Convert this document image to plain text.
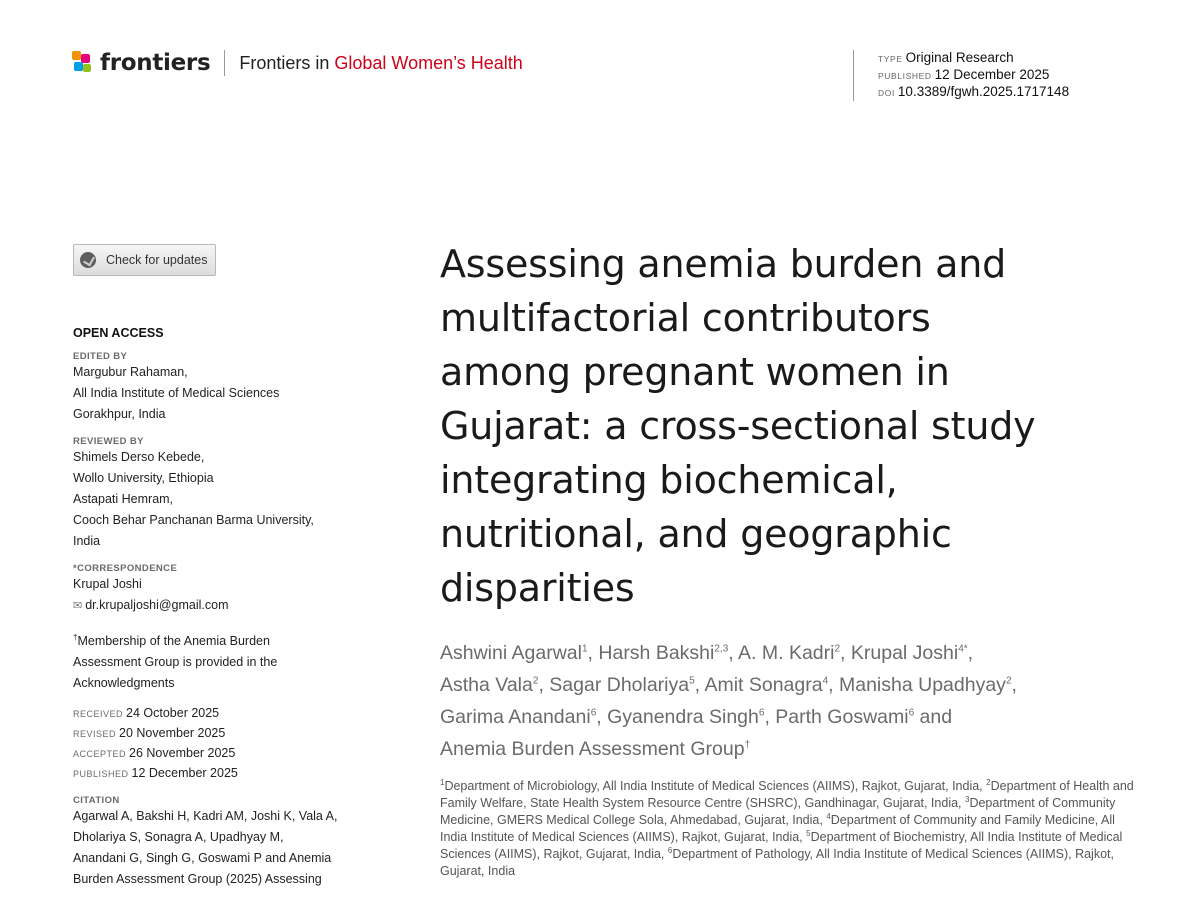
frontiers Frontiers in Global Women’s Health	TYPE Original Research
PUBLISHED 12 December 2025
DOI 10.3389/fgwh.2025.1717148
Check for updates
OPEN ACCESS
EDITED BY
Margubur Rahaman,
All India Institute of Medical Sciences
Gorakhpur, India
REVIEWED BY
Shimels Derso Kebede,
Wollo University, Ethiopia
Astapati Hemram,
Cooch Behar Panchanan Barma University,
India
*CORRESPONDENCE
Krupal Joshi
✉ dr.krupaljoshi@gmail.com
†Membership of the Anemia Burden
Assessment Group is provided in the
Acknowledgments
RECEIVED 24 October 2025
REVISED 20 November 2025
ACCEPTED 26 November 2025
PUBLISHED 12 December 2025
CITATION
Agarwal A, Bakshi H, Kadri AM, Joshi K, Vala A,
Dholariya S, Sonagra A, Upadhyay M,
Anandani G, Singh G, Goswami P and Anemia
Burden Assessment Group (2025) Assessing
Assessing anemia burden and
multifactorial contributors
among pregnant women in
Gujarat: a cross-sectional study
integrating biochemical,
nutritional, and geographic
disparities
Ashwini Agarwal$^1$, Harsh Bakshi$^{2,3}$, A. M. Kadri$^2$, Krupal Joshi$^{4*}$,
Astha Vala$^2$, Sagar Dholariya$^5$, Amit Sonagra$^4$, Manisha Upadhyay$^2$,
Garima Anandani$^6$, Gyanendra Singh$^6$, Parth Goswami$^6$ and
Anemia Burden Assessment Group†
$^1$Department of Microbiology, All India Institute of Medical Sciences (AIIMS), Rajkot, Gujarat, India, $^2$Department of Health and Family Welfare, State Health System Resource Centre (SHSRC), Gandhinagar, Gujarat, India, $^3$Department of Community Medicine, GMERS Medical College Sola, Ahmedabad, Gujarat, India, $^4$Department of Community and Family Medicine, All India Institute of Medical Sciences (AIIMS), Rajkot, Gujarat, India, $^5$Department of Biochemistry, All India Institute of Medical Sciences (AIIMS), Rajkot, Gujarat, India, $^6$Department of Pathology, All India Institute of Medical Sciences (AIIMS), Rajkot, Gujarat, India
